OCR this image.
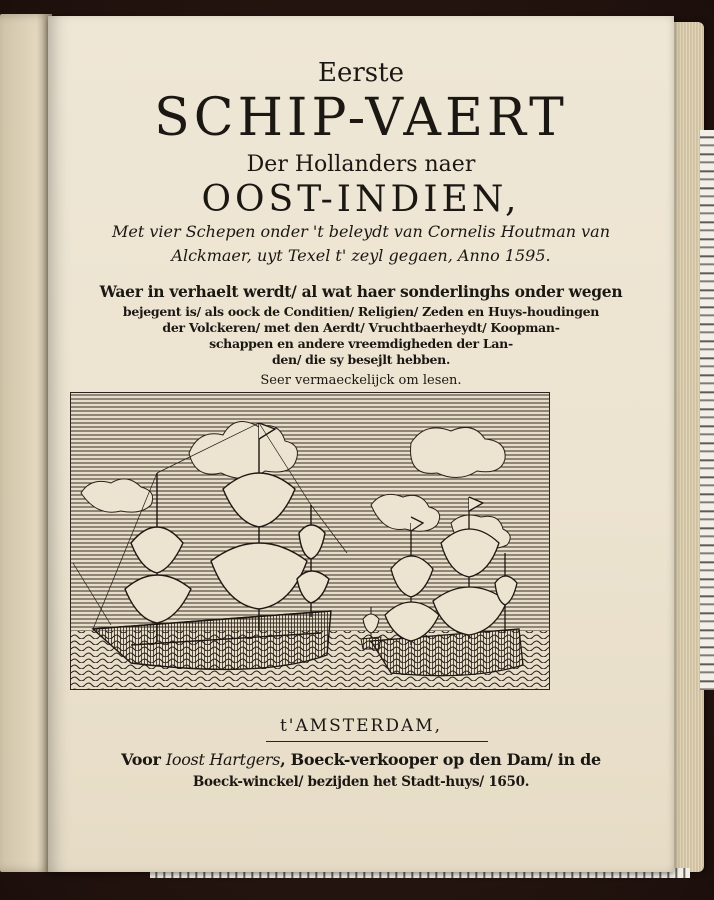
Eerste
SCHIP-VAERT
Der Hollanders naer
OOST-INDIEN,
Met vier Schepen onder 't beleydt van Cornelis Houtman van
Alckmaer, uyt Texel t' zeyl gegaen, Anno 1595.
Waer in verhaelt werdt/ al wat haer sonderlinghs onder wegen
bejegent is/ als oock de Conditien/ Religien/ Zeden en Huys-houdingen
der Volckeren/ met den Aerdt/ Vruchtbaerheydt/ Koopman-
schappen en andere vreemdigheden der Lan-
den/ die sy besejlt hebben.
Seer vermaeckelijck om lesen.
t'AMSTERDAM,
Voor Ioost Hartgers, Boeck-verkooper op den Dam/ in de
Boeck-winckel/ bezijden het Stadt-huys/ 1650.
